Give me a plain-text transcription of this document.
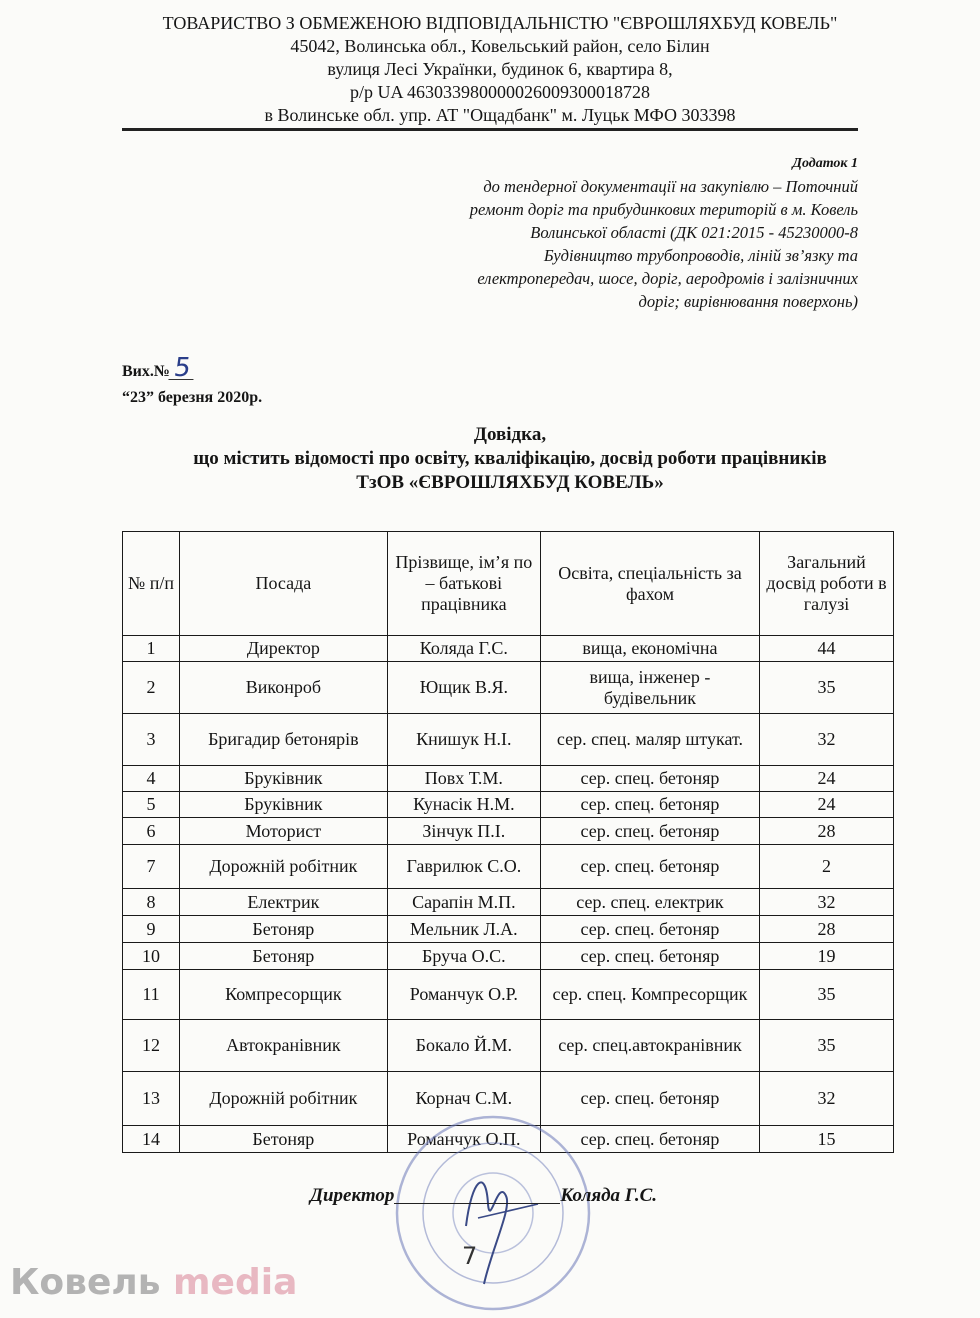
ТОВАРИСТВО З ОБМЕЖЕНОЮ ВІДПОВІДАЛЬНІСТЮ "ЄВРОШЛЯХБУД КОВЕЛЬ"
45042, Волинська обл., Ковельський район, село Білин
вулиця Лесі Українки, будинок 6, квартира 8,
р/р UA 463033980000026009300018728
в Волинське обл. упр. АТ "Ощадбанк" м. Луцьк МФО 303398
Додаток 1
до тендерної документації на закупівлю – Поточний
ремонт доріг та прибудинкових територій в м. Ковель
Волинської області (ДК 021:2015 - 45230000-8
Будівництво трубопроводів, ліній зв’язку та
електропередач, шосе, доріг, аеродромів і залізничних
доріг; вирівнювання поверхонь)
Вих.№5
“23” березня 2020р.
Довідка,
що містить відомості про освіту, кваліфікацію, досвід роботи працівників
ТзОВ «ЄВРОШЛЯХБУД КОВЕЛЬ»
№ п/п	Посада	Прізвище, ім’я по – батькові працівника	Освіта, спеціальність за фахом	Загальний досвід роботи в галузі
1	Директор	Коляда Г.С.	вища, економічна	44
2	Виконроб	Ющик В.Я.	вища, інженер - будівельник	35
3	Бригадир бетонярів	Книшук Н.І.	сер. спец. маляр штукат.	32
4	Бруківник	Повх Т.М.	сер. спец. бетоняр	24
5	Бруківник	Кунасік Н.М.	сер. спец. бетоняр	24
6	Моторист	Зінчук П.І.	сер. спец. бетоняр	28
7	Дорожній робітник	Гаврилюк С.О.	сер. спец. бетоняр	2
8	Електрик	Сарапін М.П.	сер. спец. електрик	32
9	Бетоняр	Мельник Л.А.	сер. спец. бетоняр	28
10	Бетоняр	Бруча О.С.	сер. спец. бетоняр	19
11	Компресорщик	Романчук О.Р.	сер. спец. Компресорщик	35
12	Автокранівник	Бокало Й.М.	сер. спец.автокранівник	35
13	Дорожній робітник	Корнач С.М.	сер. спец. бетоняр	32
14	Бетоняр	Романчук О.П.	сер. спец. бетоняр	15
Директор	Коляда Г.С.
7
Ковель media
